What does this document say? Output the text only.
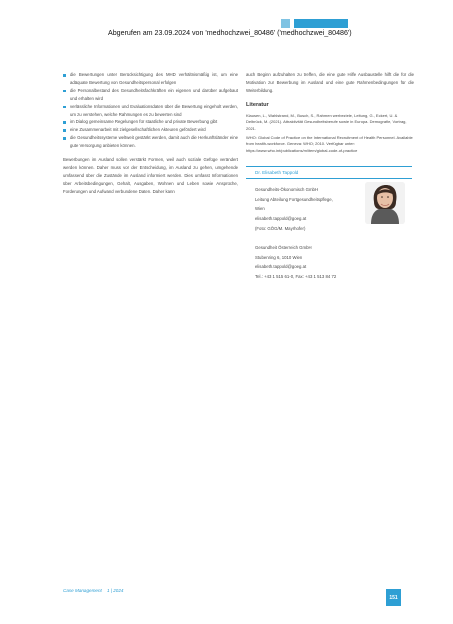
Abgerufen am 23.09.2024 von 'medhochzwei_80486' ('medhochzwei_80486')
die Bewertungen unter Berücksichtigung des MHD verhältnismäßig ist, um eine adäquate Bewertung von Gesundheitspersonal erfolgen
die Personalbestand des Gesundheitsfachkräften ein eigenen und darüber aufgebaut und erhalten wird
verlässliche Informationen und Evaluationsdaten über die Bewertung eingeholt werden, um zu verstehen, welche Rahmungen es zu bewerten sind
im Dialog gemeinsame Regelungen für staatliche und private Bewerbung gibt
eine Zusammenarbeit mit zielgesellschaftlichen Akteuren gefördert wird
die Gesundheitssysteme weltweit gestärkt werden, damit auch die Herkunftsländer eine gute Versorgung anbieten können.
Bewerbungen im Ausland sollen verstärkt Formen, weil auch soziale Gefüge verändert werden können. Daher muss vor der Entscheidung, im Ausland zu gehen, umgehende umfassend über die Zustände im Ausland informiert werden. Dies umfasst Informationen über Arbeitsbedingungen, Gehalt, Ausgaben, Wohnen und Leben sowie Ansprüche, Forderungen und Aufwand verbundene Daten. Daher kann
auch Beginn aufzuhalten zu treffen, die eine gute Hilfe Ausbaustelle hilft die für die Motivation zur Bewerbung im Ausland und eine gute Rahmenbedingungen für die Weiterbildung.
Literatur
Klausen, L., Wahlstrand, M., Busch, S., Rahmen werbeziele, Leitung, G., Eckert, U. & Delbrück, M. (2021). Attraktivität Gesundheitsberufe sowie in Europa. Demografie, Vortrag, 2021.
WHO: Global Code of Practice on the International Recruitment of Health Personnel. Available from health-workforce. Geneva: WHO; 2010. Verfügbar unter: https://www.who.int/publications/m/item/global-code-of-practice
Dr. Elisabeth Tappold
Gesundheits-Ökonomisch GmbH
Leitung Abteilung Fortgesundheitspflege,
Wien
elisabeth.tappold@goeg.at
(Foto: GÖG/M. Mayrhofer)
Gesundheit Österreich GmbH
Stubenring 6, 1010 Wien
elisabeth.tappold@goeg.at
Tel.: +43 1 515 61-0, Fax: +43 1 513 84 72
Case Management 1 | 2024
151
